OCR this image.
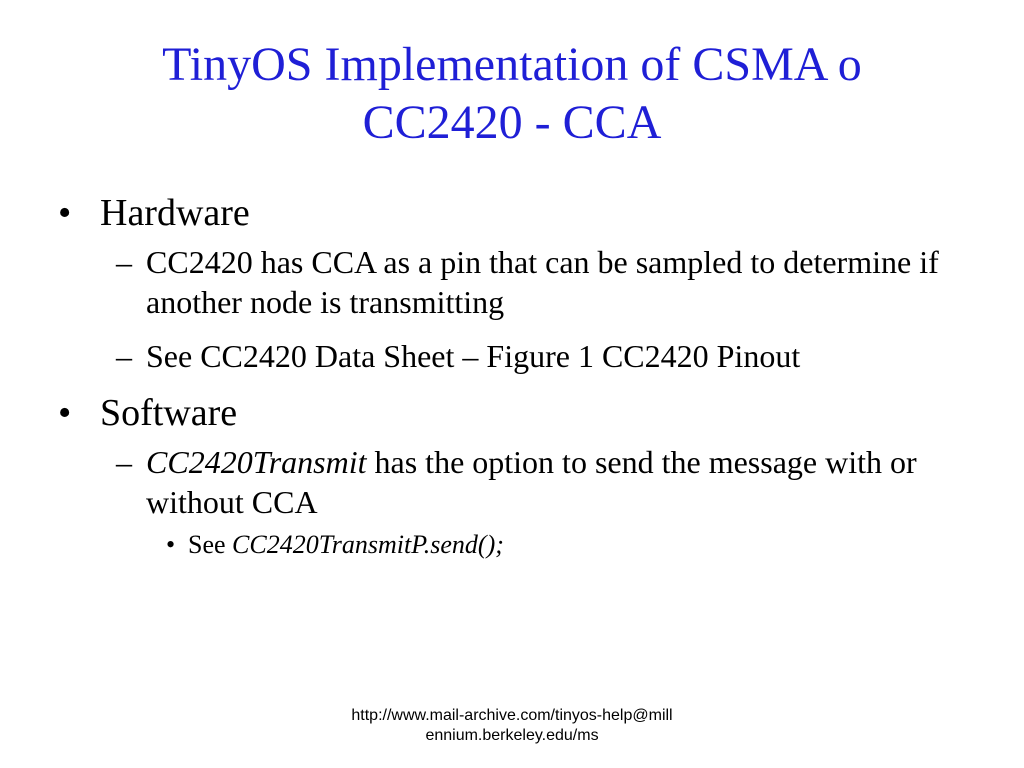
TinyOS Implementation of CSMA o
CC2420 - CCA
• Hardware
– CC2420 has CCA as a pin that can be sampled to determine if another node is transmitting
– See CC2420 Data Sheet – Figure 1 CC2420 Pinout
• Software
– CC2420Transmit has the option to send the message with or without CCA
• See CC2420TransmitP.send();
http://www.mail-archive.com/tinyos-help@millennium.berkeley.edu/ms
